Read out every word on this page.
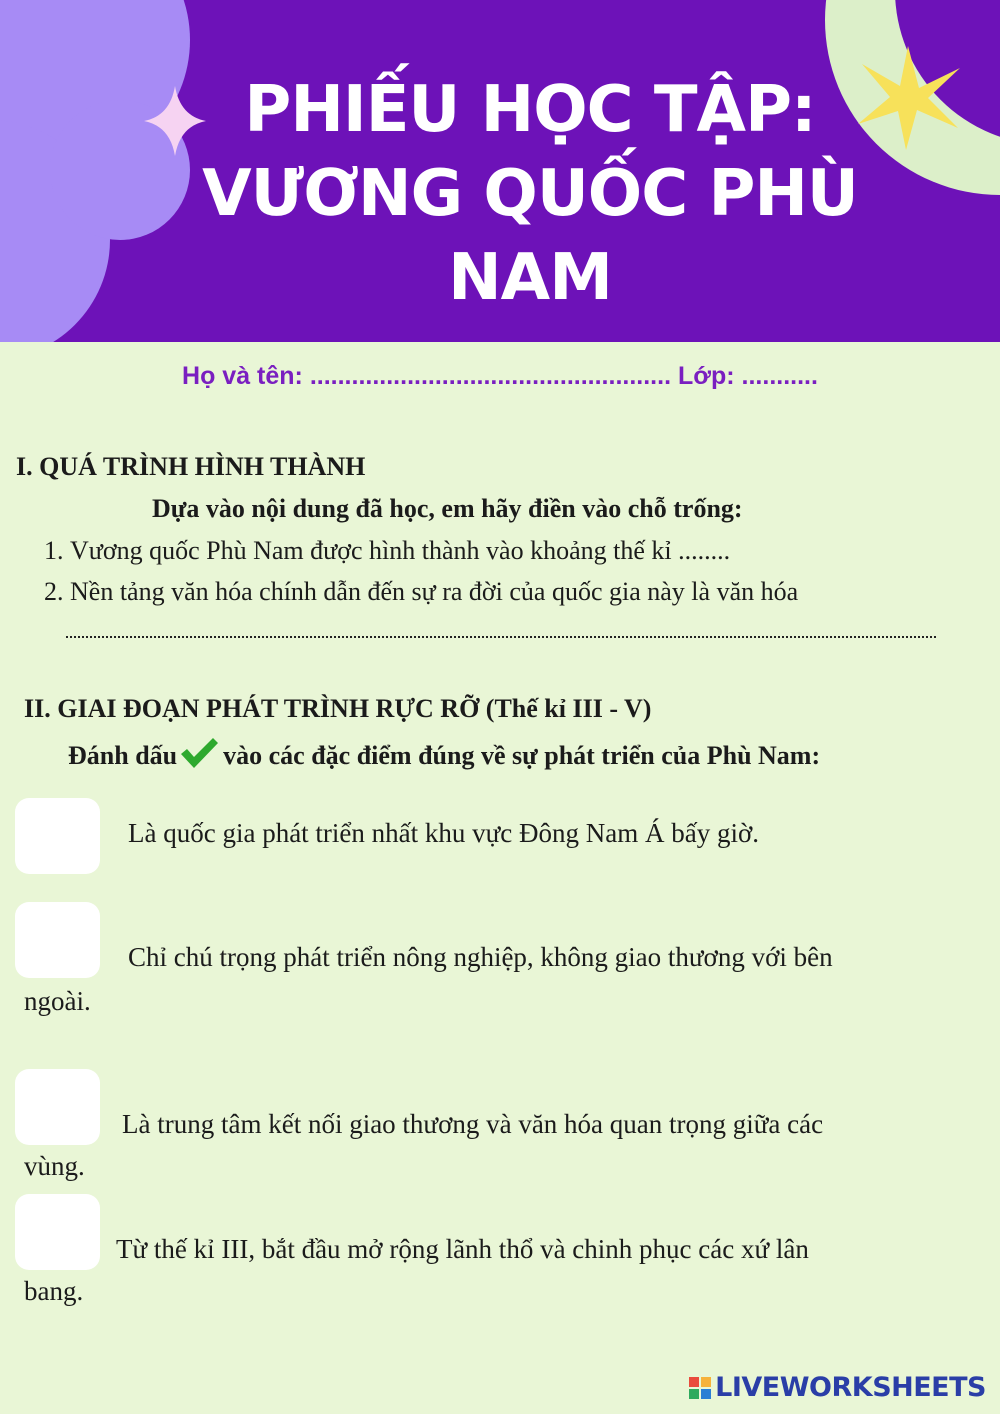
PHIẾU HỌC TẬP:
VƯƠNG QUỐC PHÙ
NAM
Họ và tên: .................................................... Lớp: ...........
I. QUÁ TRÌNH HÌNH THÀNH
Dựa vào nội dung đã học, em hãy điền vào chỗ trống:
1. Vương quốc Phù Nam được hình thành vào khoảng thế kỉ ........
2. Nền tảng văn hóa chính dẫn đến sự ra đời của quốc gia này là văn hóa
II. GIAI ĐOẠN PHÁT TRÌNH RỰC RỠ (Thế kỉ III - V)
Đánh dấu vào các đặc điểm đúng về sự phát triển của Phù Nam:
Là quốc gia phát triển nhất khu vực Đông Nam Á bấy giờ.
Chỉ chú trọng phát triển nông nghiệp, không giao thương với bên
ngoài.
Là trung tâm kết nối giao thương và văn hóa quan trọng giữa các
vùng.
Từ thế kỉ III, bắt đầu mở rộng lãnh thổ và chinh phục các xứ lân
bang.
LIVEWORKSHEETS
